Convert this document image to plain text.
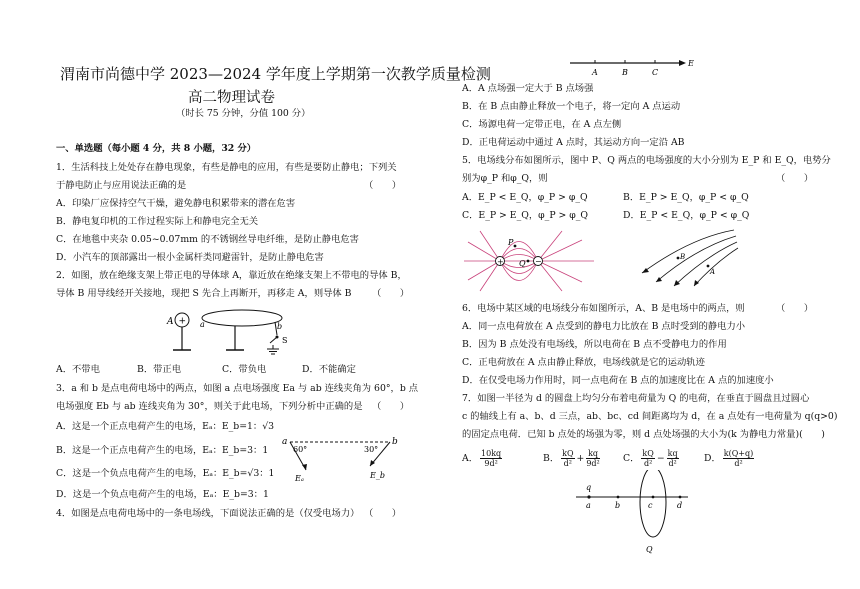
渭南市尚德中学 2023—2024 学年度上学期第一次教学质量检测
高二物理试卷
（时长 75 分钟，分值 100 分）
一、单选题（每小题 4 分，共 8 小题，32 分）
1．生活科技上处处存在静电现象，有些是静电的应用，有些是要防止静电；下列关
于静电防止与应用说法正确的是	（　　）
A．印染厂应保持空气干燥，避免静电积累带来的潜在危害
B．静电复印机的工作过程实际上和静电完全无关
C．在地毯中夹杂 0.05~0.07mm 的不锈钢丝导电纤维，是防止静电危害
D．小汽车的顶部露出一根小金属杆类同避雷针，是防止静电危害
2．如图，放在绝缘支架上带正电的导体球 A，靠近放在绝缘支架上不带电的导体 B，
导体 B 用导线经开关接地，现把 S 先合上再断开，再移走 A，则导体 B （　　）
A + a	b
S
A．不带电	B．带正电	C．带负电	D．不能确定
3．a 和 b 是点电荷电场中的两点，如图 a 点电场强度 Ea 与 ab 连线夹角为 60°，b 点
电场强度 Eb 与 ab 连线夹角为 30°，则关于此电场，下列分析中正确的是 （　　）
A．这是一个正点电荷产生的电场，Eₐ：E_b=1：√3
B．这是一个正点电荷产生的电场，Eₐ：E_b=3：1
C．这是一个负点电荷产生的电场，Eₐ：E_b=√3：1
D．这是一个负点电荷产生的电场，Eₐ：E_b=3：1
a	b
60°
Eₐ
30°
E_b
4．如图是点电荷电场中的一条电场线，下面说法正确的是（仅受电场力） （　　）
A	B	C
E
A．A 点场强一定大于 B 点场强
B．在 B 点由静止释放一个电子，将一定向 A 点运动
C．场源电荷一定带正电，在 A 点左侧
D．正电荷运动中通过 A 点时，其运动方向一定沿 AB
5．电场线分布如图所示，图中 P、Q 两点的电场强度的大小分别为 E_P 和 E_Q，电势分
别为φ_P 和φ_Q，则	（　　）
A．E_P < E_Q，φ_P > φ_Q	B．E_P > E_Q，φ_P < φ_Q
C．E_P > E_Q，φ_P > φ_Q	D．E_P < E_Q，φ_P < φ_Q
+	−
P
Q
B
A
6．电场中某区域的电场线分布如图所示，A、B 是电场中的两点，则	（　　）
A．同一点电荷放在 A 点受到的静电力比放在 B 点时受到的静电力小
B．因为 B 点处没有电场线，所以电荷在 B 点不受静电力的作用
C．正电荷放在 A 点由静止释放，电场线就是它的运动轨迹
D．在仅受电场力作用时，同一点电荷在 B 点的加速度比在 A 点的加速度小
7．如图一半径为 d 的圆盘上均匀分布着电荷量为 Q 的电荷，在垂直于圆盘且过圆心
c 的轴线上有 a、b、d 三点，ab、bc、cd 间距离均为 d，在 a 点处有一电荷量为 q(q>0)
的固定点电荷．已知 b 点处的场强为零，则 d 点处场强的大小为(k 为静电力常量)(　　)
A． $\frac{10kq}{\text{9d²}}$	B． $\frac{kQ}{\text{d²}} + \frac{kq}{\text{9d²}}$ C． $\frac{kQ}{\text{d²}} - \frac{kq}{\text{d²}}$	D． $\frac{k(Q+q)}{\text{d²}}$
q
a	b	c	d
Q
